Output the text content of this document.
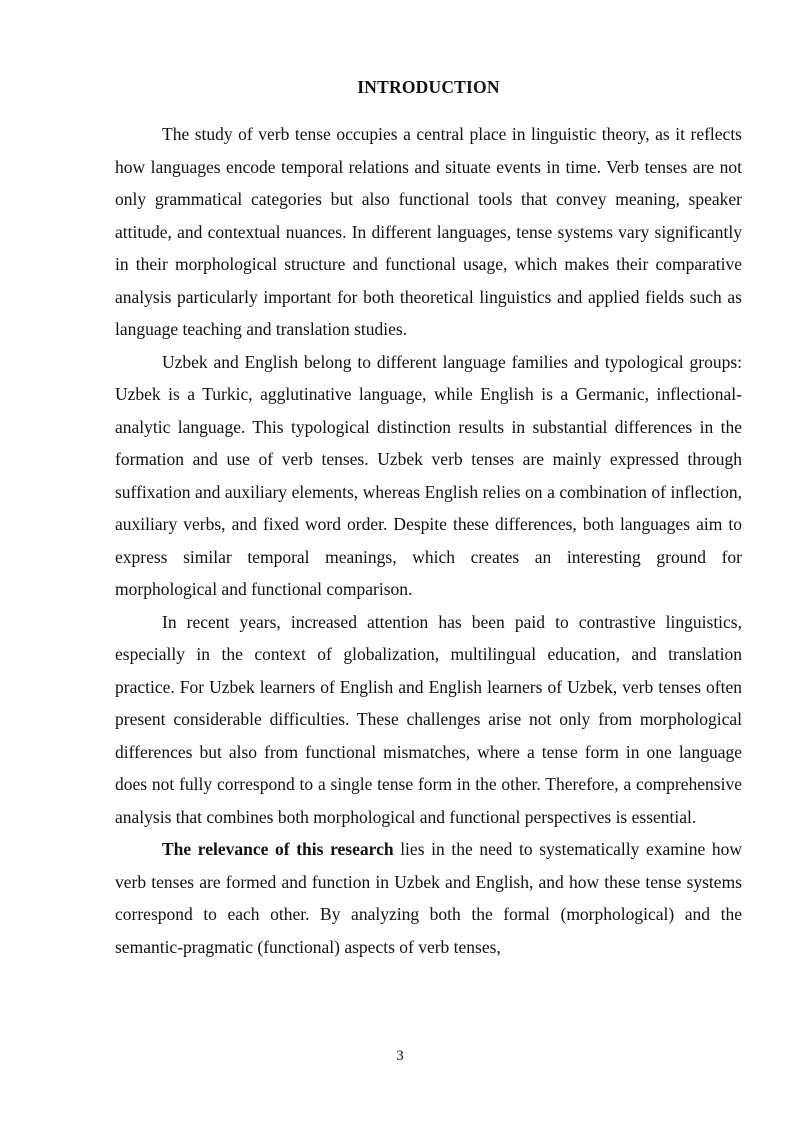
INTRODUCTION

The study of verb tense occupies a central place in linguistic theory, as it reflects how languages encode temporal relations and situate events in time. Verb tenses are not only grammatical categories but also functional tools that convey meaning, speaker attitude, and contextual nuances. In different languages, tense systems vary significantly in their morphological structure and functional usage, which makes their comparative analysis particularly important for both theoretical linguistics and applied fields such as language teaching and translation studies.

Uzbek and English belong to different language families and typological groups: Uzbek is a Turkic, agglutinative language, while English is a Germanic, inflectional-analytic language. This typological distinction results in substantial differences in the formation and use of verb tenses. Uzbek verb tenses are mainly expressed through suffixation and auxiliary elements, whereas English relies on a combination of inflection, auxiliary verbs, and fixed word order. Despite these differences, both languages aim to express similar temporal meanings, which creates an interesting ground for morphological and functional comparison.

In recent years, increased attention has been paid to contrastive linguistics, especially in the context of globalization, multilingual education, and translation practice. For Uzbek learners of English and English learners of Uzbek, verb tenses often present considerable difficulties. These challenges arise not only from morphological differences but also from functional mismatches, where a tense form in one language does not fully correspond to a single tense form in the other. Therefore, a comprehensive analysis that combines both morphological and functional perspectives is essential.

The relevance of this research lies in the need to systematically examine how verb tenses are formed and function in Uzbek and English, and how these tense systems correspond to each other. By analyzing both the formal (morphological) and the semantic-pragmatic (functional) aspects of verb tenses,

3
